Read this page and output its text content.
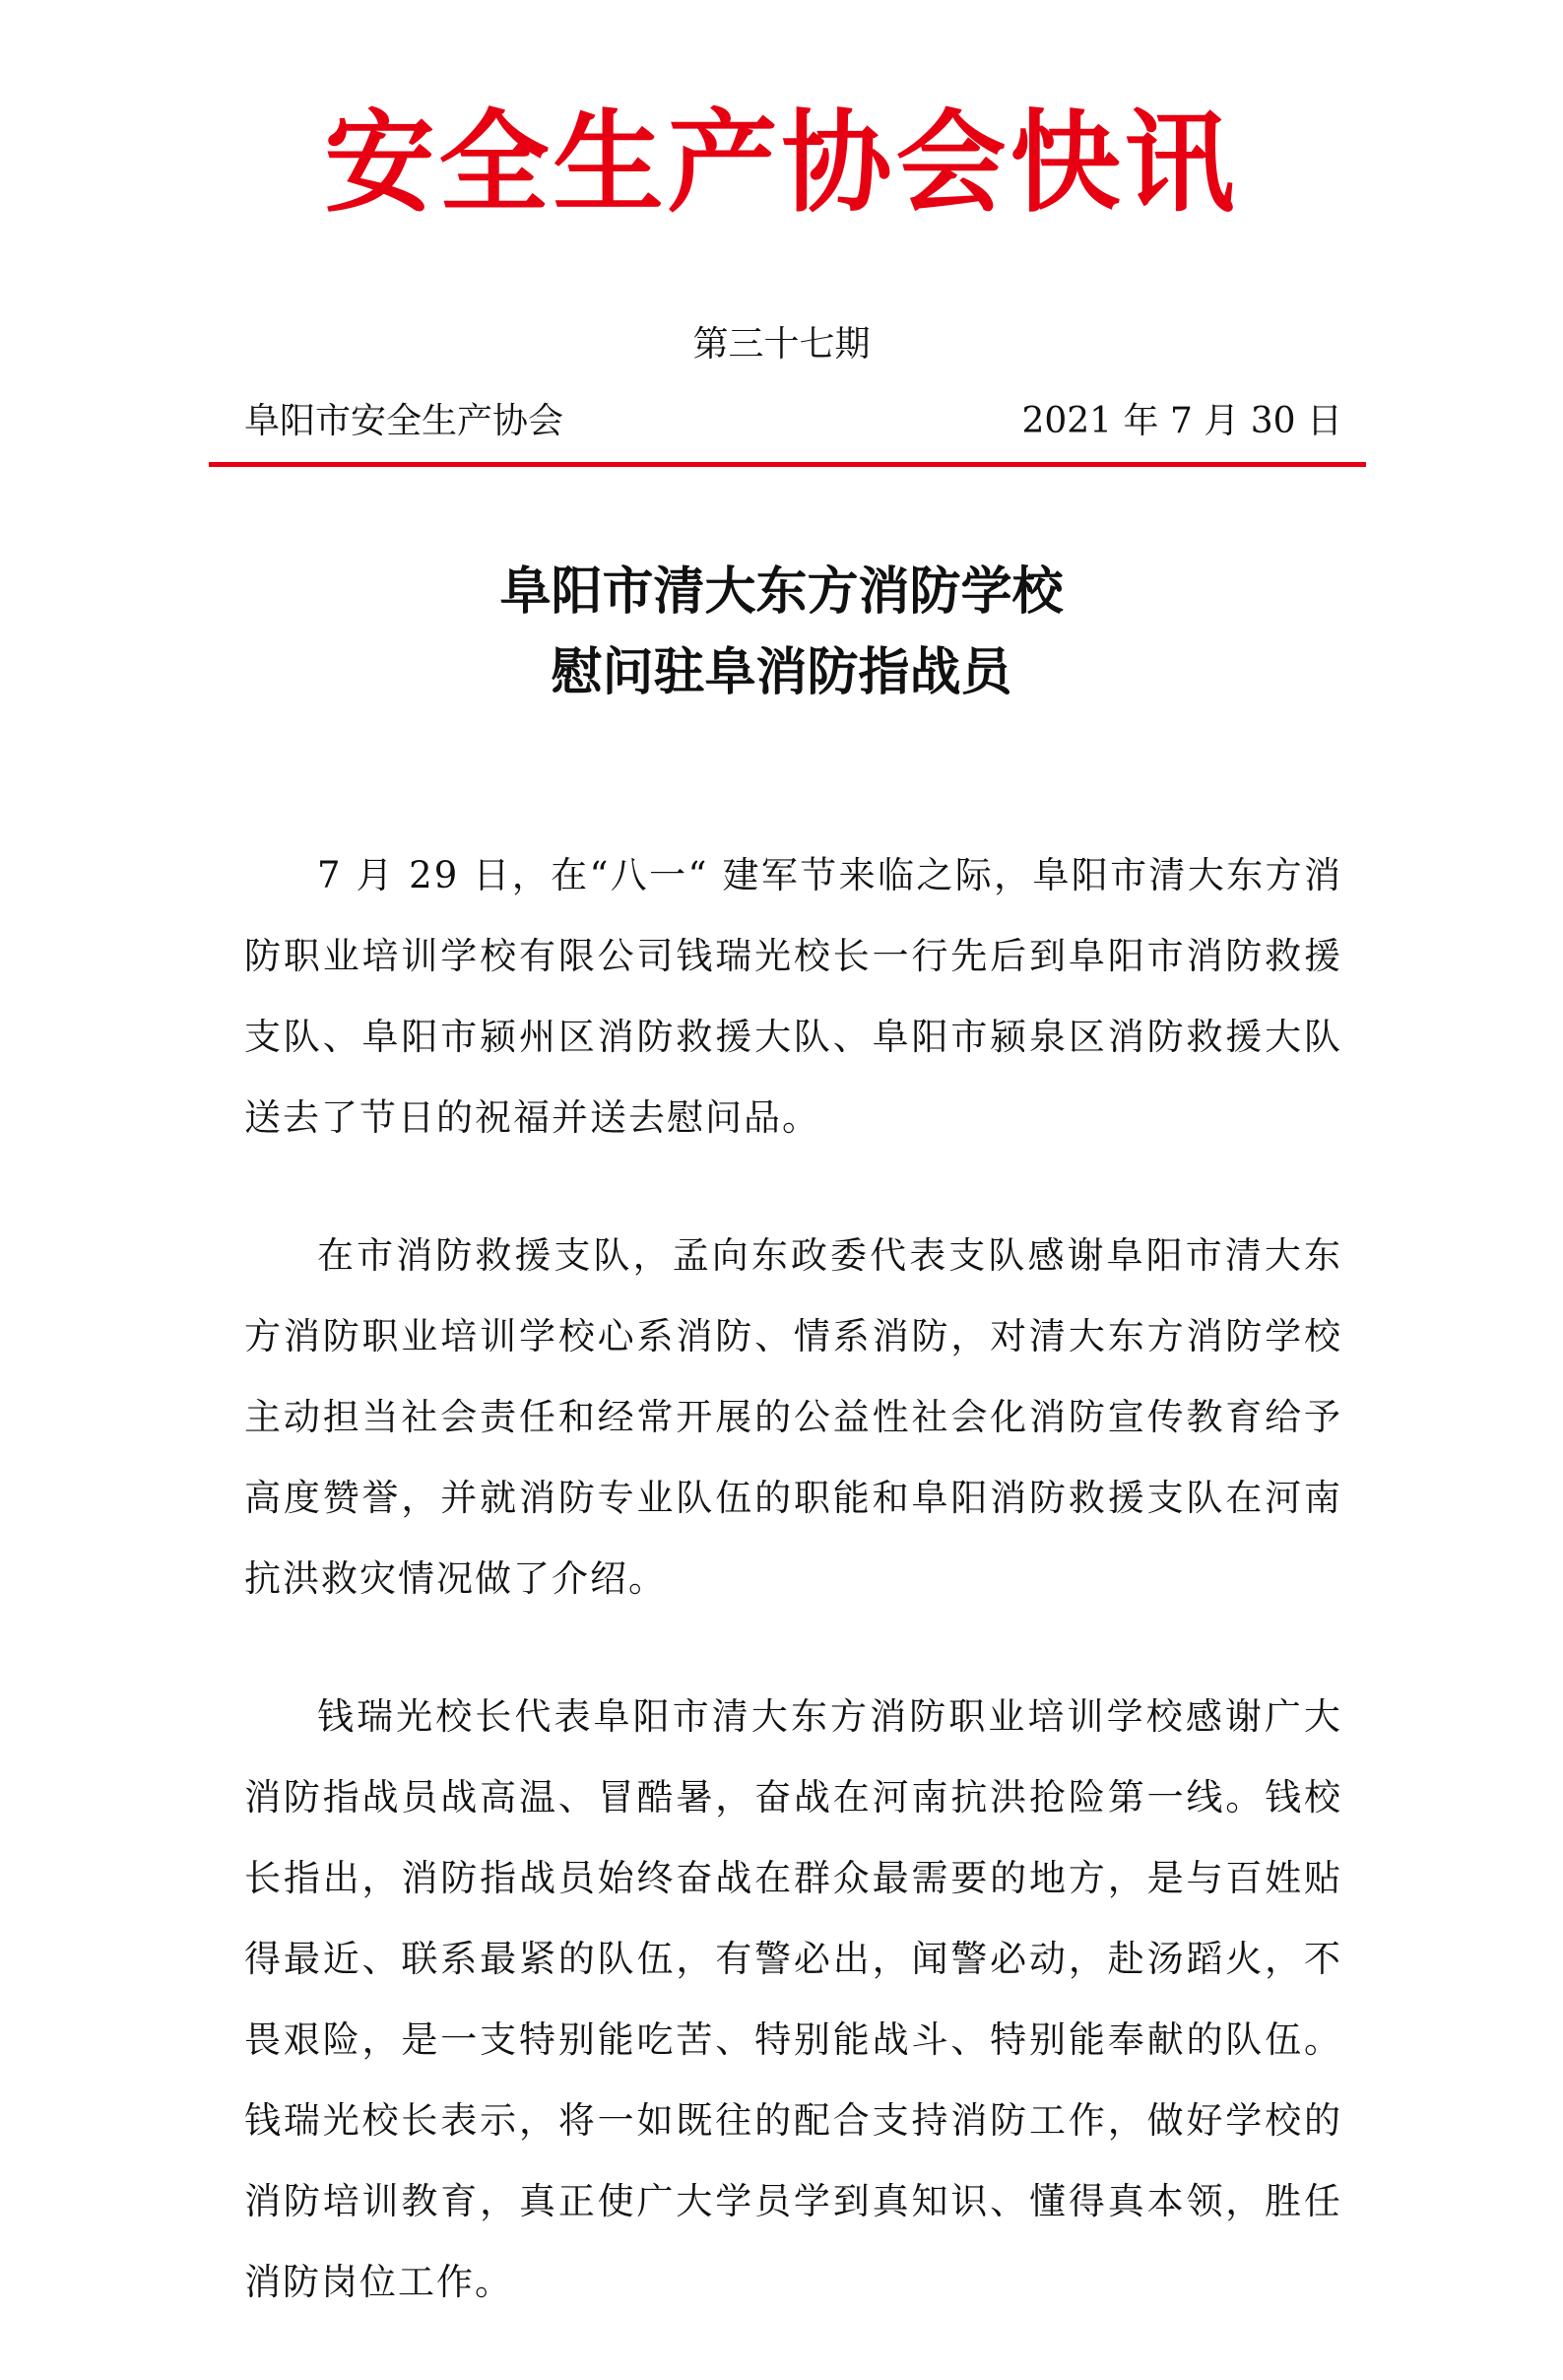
安全生产协会快讯
第三十七期
阜阳市安全生产协会	2021 年 7 月 30 日
阜阳市清大东方消防学校
慰问驻阜消防指战员

7 月 29 日，在“八一“ 建军节来临之际，阜阳市清大东方消防职业培训学校有限公司钱瑞光校长一行先后到阜阳市消防救援支队、阜阳市颍州区消防救援大队、阜阳市颍泉区消防救援大队送去了节日的祝福并送去慰问品。

在市消防救援支队，孟向东政委代表支队感谢阜阳市清大东方消防职业培训学校心系消防、情系消防，对清大东方消防学校主动担当社会责任和经常开展的公益性社会化消防宣传教育给予高度赞誉，并就消防专业队伍的职能和阜阳消防救援支队在河南抗洪救灾情况做了介绍。

钱瑞光校长代表阜阳市清大东方消防职业培训学校感谢广大消防指战员战高温、冒酷暑，奋战在河南抗洪抢险第一线。钱校长指出，消防指战员始终奋战在群众最需要的地方，是与百姓贴得最近、联系最紧的队伍，有警必出，闻警必动，赴汤蹈火，不畏艰险，是一支特别能吃苦、特别能战斗、特别能奉献的队伍。钱瑞光校长表示，将一如既往的配合支持消防工作，做好学校的消防培训教育，真正使广大学员学到真知识、懂得真本领，胜任消防岗位工作。
